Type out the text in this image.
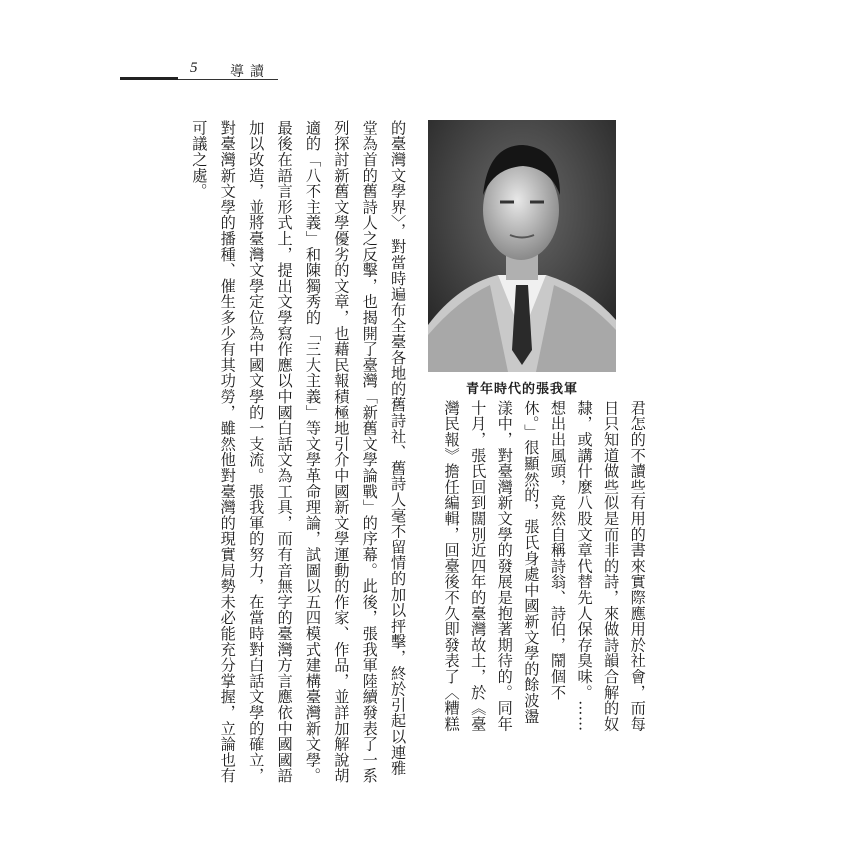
5 導讀
青年時代的張我軍
君怎的不讀些有用的書來實際應用於社會，而每
日只知道做些似是而非的詩，來做詩韻合解的奴
隸，或講什麼八股文章代替先人保存臭味。……
想出出風頭，竟然自稱詩翁、詩伯，鬧個不
休。」很顯然的，張氏身處中國新文學的餘波盪
漾中，對臺灣新文學的發展是抱著期待的。同年
十月，張氏回到闊別近四年的臺灣故土，於《臺
灣民報》擔任編輯，回臺後不久即發表了〈糟糕
的臺灣文學界〉，對當時遍布全臺各地的舊詩社、舊詩人毫不留情的加以抨擊，終於引起以連雅
堂為首的舊詩人之反擊，也揭開了臺灣「新舊文學論戰」的序幕。此後，張我軍陸續發表了一系
列探討新舊文學優劣的文章，也藉民報積極地引介中國新文學運動的作家、作品，並詳加解說胡
適的「八不主義」和陳獨秀的「三大主義」等文學革命理論，試圖以五四模式建構臺灣新文學。
最後在語言形式上，提出文學寫作應以中國白話文為工具，而有音無字的臺灣方言應依中國國語
加以改造，並將臺灣文學定位為中國文學的一支流。張我軍的努力，在當時對白話文學的確立，
對臺灣新文學的播種、催生多少有其功勞，雖然他對臺灣的現實局勢未必能充分掌握，立論也有
可議之處。
